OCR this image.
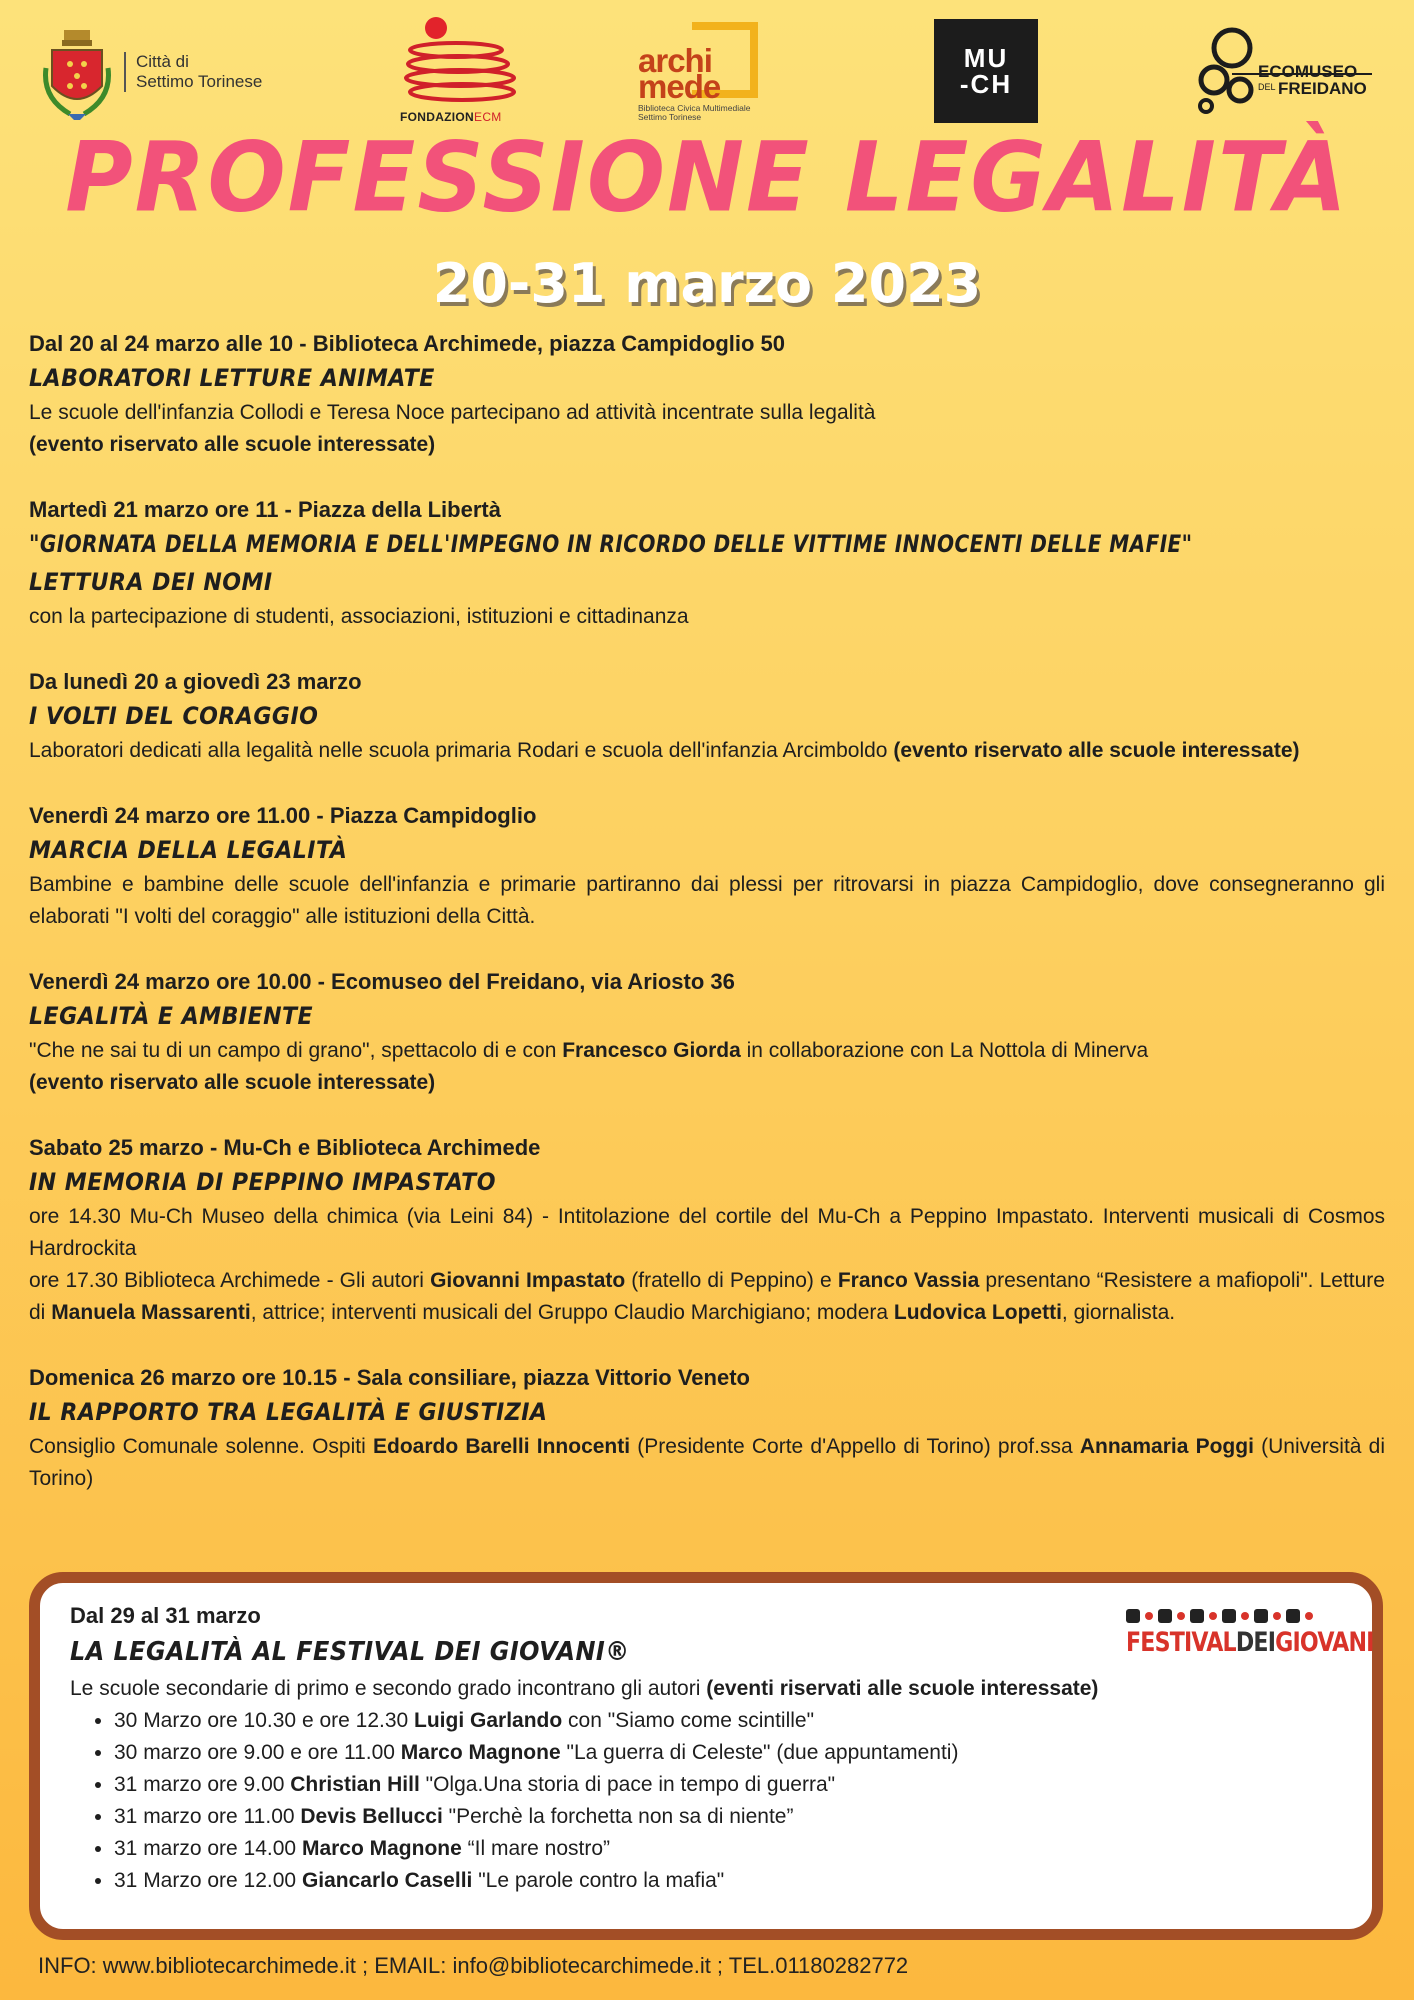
Città di
Settimo Torinese
FONDAZIONECM
archi
mede
Biblioteca Civica Multimediale
Settimo Torinese
MU
-CH	ECOMUSEO
DEL FREIDANO
PROFESSIONE LEGALITÀ
20-31 marzo 2023
Dal 20 al 24 marzo alle 10 - Biblioteca Archimede, piazza Campidoglio 50
LABORATORI LETTURE ANIMATE
Le scuole dell'infanzia Collodi e Teresa Noce partecipano ad attività incentrate sulla legalità
(evento riservato alle scuole interessate)
Martedì 21 marzo ore 11 - Piazza della Libertà
"GIORNATA DELLA MEMORIA E DELL'IMPEGNO IN RICORDO DELLE VITTIME INNOCENTI DELLE MAFIE"
LETTURA DEI NOMI
con la partecipazione di studenti, associazioni, istituzioni e cittadinanza
Da lunedì 20 a giovedì 23 marzo
I VOLTI DEL CORAGGIO
Laboratori dedicati alla legalità nelle scuola primaria Rodari e scuola dell'infanzia Arcimboldo (evento riservato alle scuole interessate)
Venerdì 24 marzo ore 11.00 - Piazza Campidoglio
MARCIA DELLA LEGALITÀ
Bambine e bambine delle scuole dell'infanzia e primarie partiranno dai plessi per ritrovarsi in piazza Campidoglio, dove consegneranno gli elaborati "I volti del coraggio" alle istituzioni della Città.
Venerdì 24 marzo ore 10.00 - Ecomuseo del Freidano, via Ariosto 36
LEGALITÀ E AMBIENTE
"Che ne sai tu di un campo di grano", spettacolo di e con Francesco Giorda in collaborazione con La Nottola di Minerva
(evento riservato alle scuole interessate)
Sabato 25 marzo - Mu-Ch e Biblioteca Archimede
IN MEMORIA DI PEPPINO IMPASTATO
ore 14.30 Mu-Ch Museo della chimica (via Leini 84) - Intitolazione del cortile del Mu-Ch a Peppino Impastato. Interventi musicali di Cosmos Hardrockita
ore 17.30 Biblioteca Archimede - Gli autori Giovanni Impastato (fratello di Peppino) e Franco Vassia presentano “Resistere a mafiopoli". Letture di Manuela Massarenti, attrice; interventi musicali del Gruppo Claudio Marchigiano; modera Ludovica Lopetti, giornalista.
Domenica 26 marzo ore 10.15 - Sala consiliare, piazza Vittorio Veneto
IL RAPPORTO TRA LEGALITÀ E GIUSTIZIA
Consiglio Comunale solenne. Ospiti Edoardo Barelli Innocenti (Presidente Corte d'Appello di Torino) prof.ssa Annamaria Poggi (Università di Torino)
FESTIVALDEIGIOVANI
Dal 29 al 31 marzo
LA LEGALITÀ AL FESTIVAL DEI GIOVANI®
Le scuole secondarie di primo e secondo grado incontrano gli autori (eventi riservati alle scuole interessate)
• 30 Marzo ore 10.30 e ore 12.30 Luigi Garlando con "Siamo come scintille"
• 30 marzo ore 9.00 e ore 11.00 Marco Magnone "La guerra di Celeste" (due appuntamenti)
• 31 marzo ore 9.00 Christian Hill "Olga.Una storia di pace in tempo di guerra"
• 31 marzo ore 11.00 Devis Bellucci "Perchè la forchetta non sa di niente”
• 31 marzo ore 14.00 Marco Magnone “Il mare nostro”
• 31 Marzo ore 12.00 Giancarlo Caselli "Le parole contro la mafia"
INFO: www.bibliotecarchimede.it ; EMAIL: info@bibliotecarchimede.it ; TEL.01180282772
